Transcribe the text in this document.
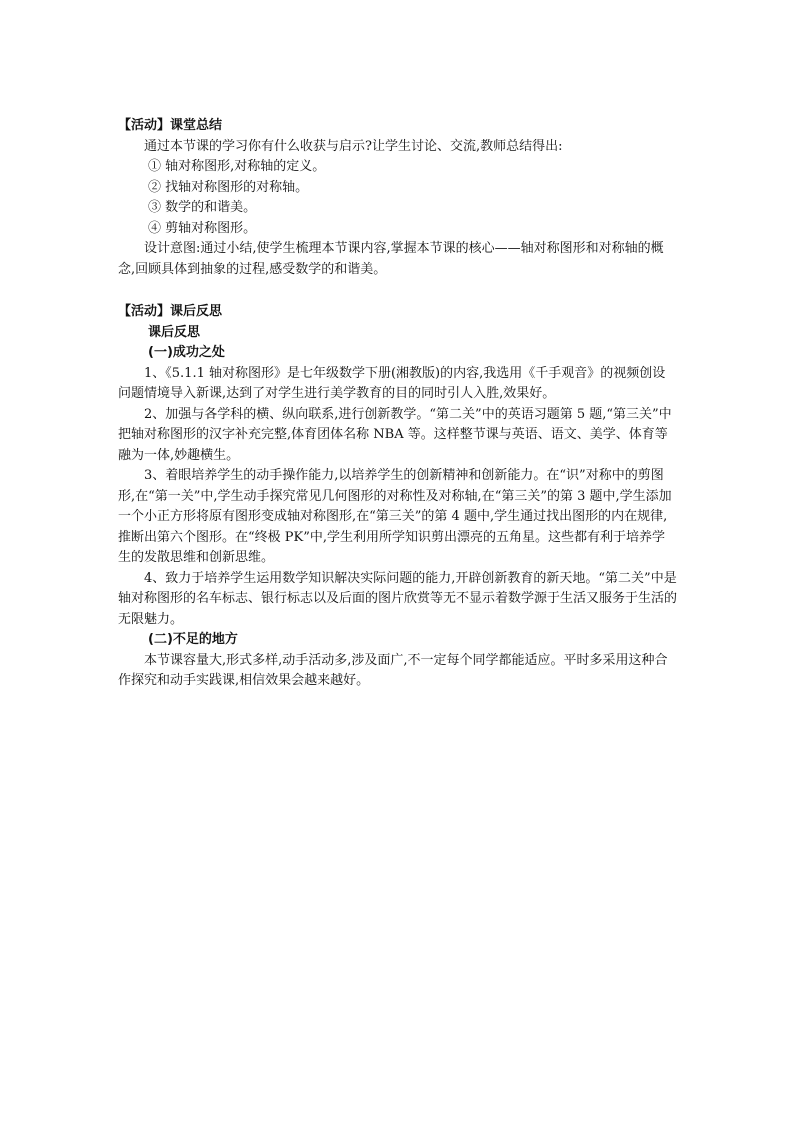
【活动】课堂总结

通过本节课的学习你有什么收获与启示?让学生讨论、交流,教师总结得出:

① 轴对称图形,对称轴的定义。

② 找轴对称图形的对称轴。

③ 数学的和谐美。

④ 剪轴对称图形。

设计意图:通过小结,使学生梳理本节课内容,掌握本节课的核心——轴对称图形和对称轴的概念,回顾具体到抽象的过程,感受数学的和谐美。

【活动】课后反思

课后反思

(一)成功之处

1、《5.1.1 轴对称图形》是七年级数学下册(湘教版)的内容,我选用《千手观音》的视频创设问题情境导入新课,达到了对学生进行美学教育的目的同时引人入胜,效果好。

2、加强与各学科的横、纵向联系,进行创新教学。“第二关”中的英语习题第 5 题,“第三关”中把轴对称图形的汉字补充完整,体育团体名称 NBA 等。这样整节课与英语、语文、美学、体育等融为一体,妙趣横生。

3、着眼培养学生的动手操作能力,以培养学生的创新精神和创新能力。在“识”对称中的剪图形,在“第一关”中,学生动手探究常见几何图形的对称性及对称轴,在“第三关”的第 3 题中,学生添加一个小正方形将原有图形变成轴对称图形,在“第三关”的第 4 题中,学生通过找出图形的内在规律,推断出第六个图形。在“终极 PK”中,学生利用所学知识剪出漂亮的五角星。这些都有利于培养学生的发散思维和创新思维。

4、致力于培养学生运用数学知识解决实际问题的能力,开辟创新教育的新天地。“第二关”中是轴对称图形的名车标志、银行标志以及后面的图片欣赏等无不显示着数学源于生活又服务于生活的无限魅力。

(二)不足的地方

本节课容量大,形式多样,动手活动多,涉及面广,不一定每个同学都能适应。平时多采用这种合作探究和动手实践课,相信效果会越来越好。
